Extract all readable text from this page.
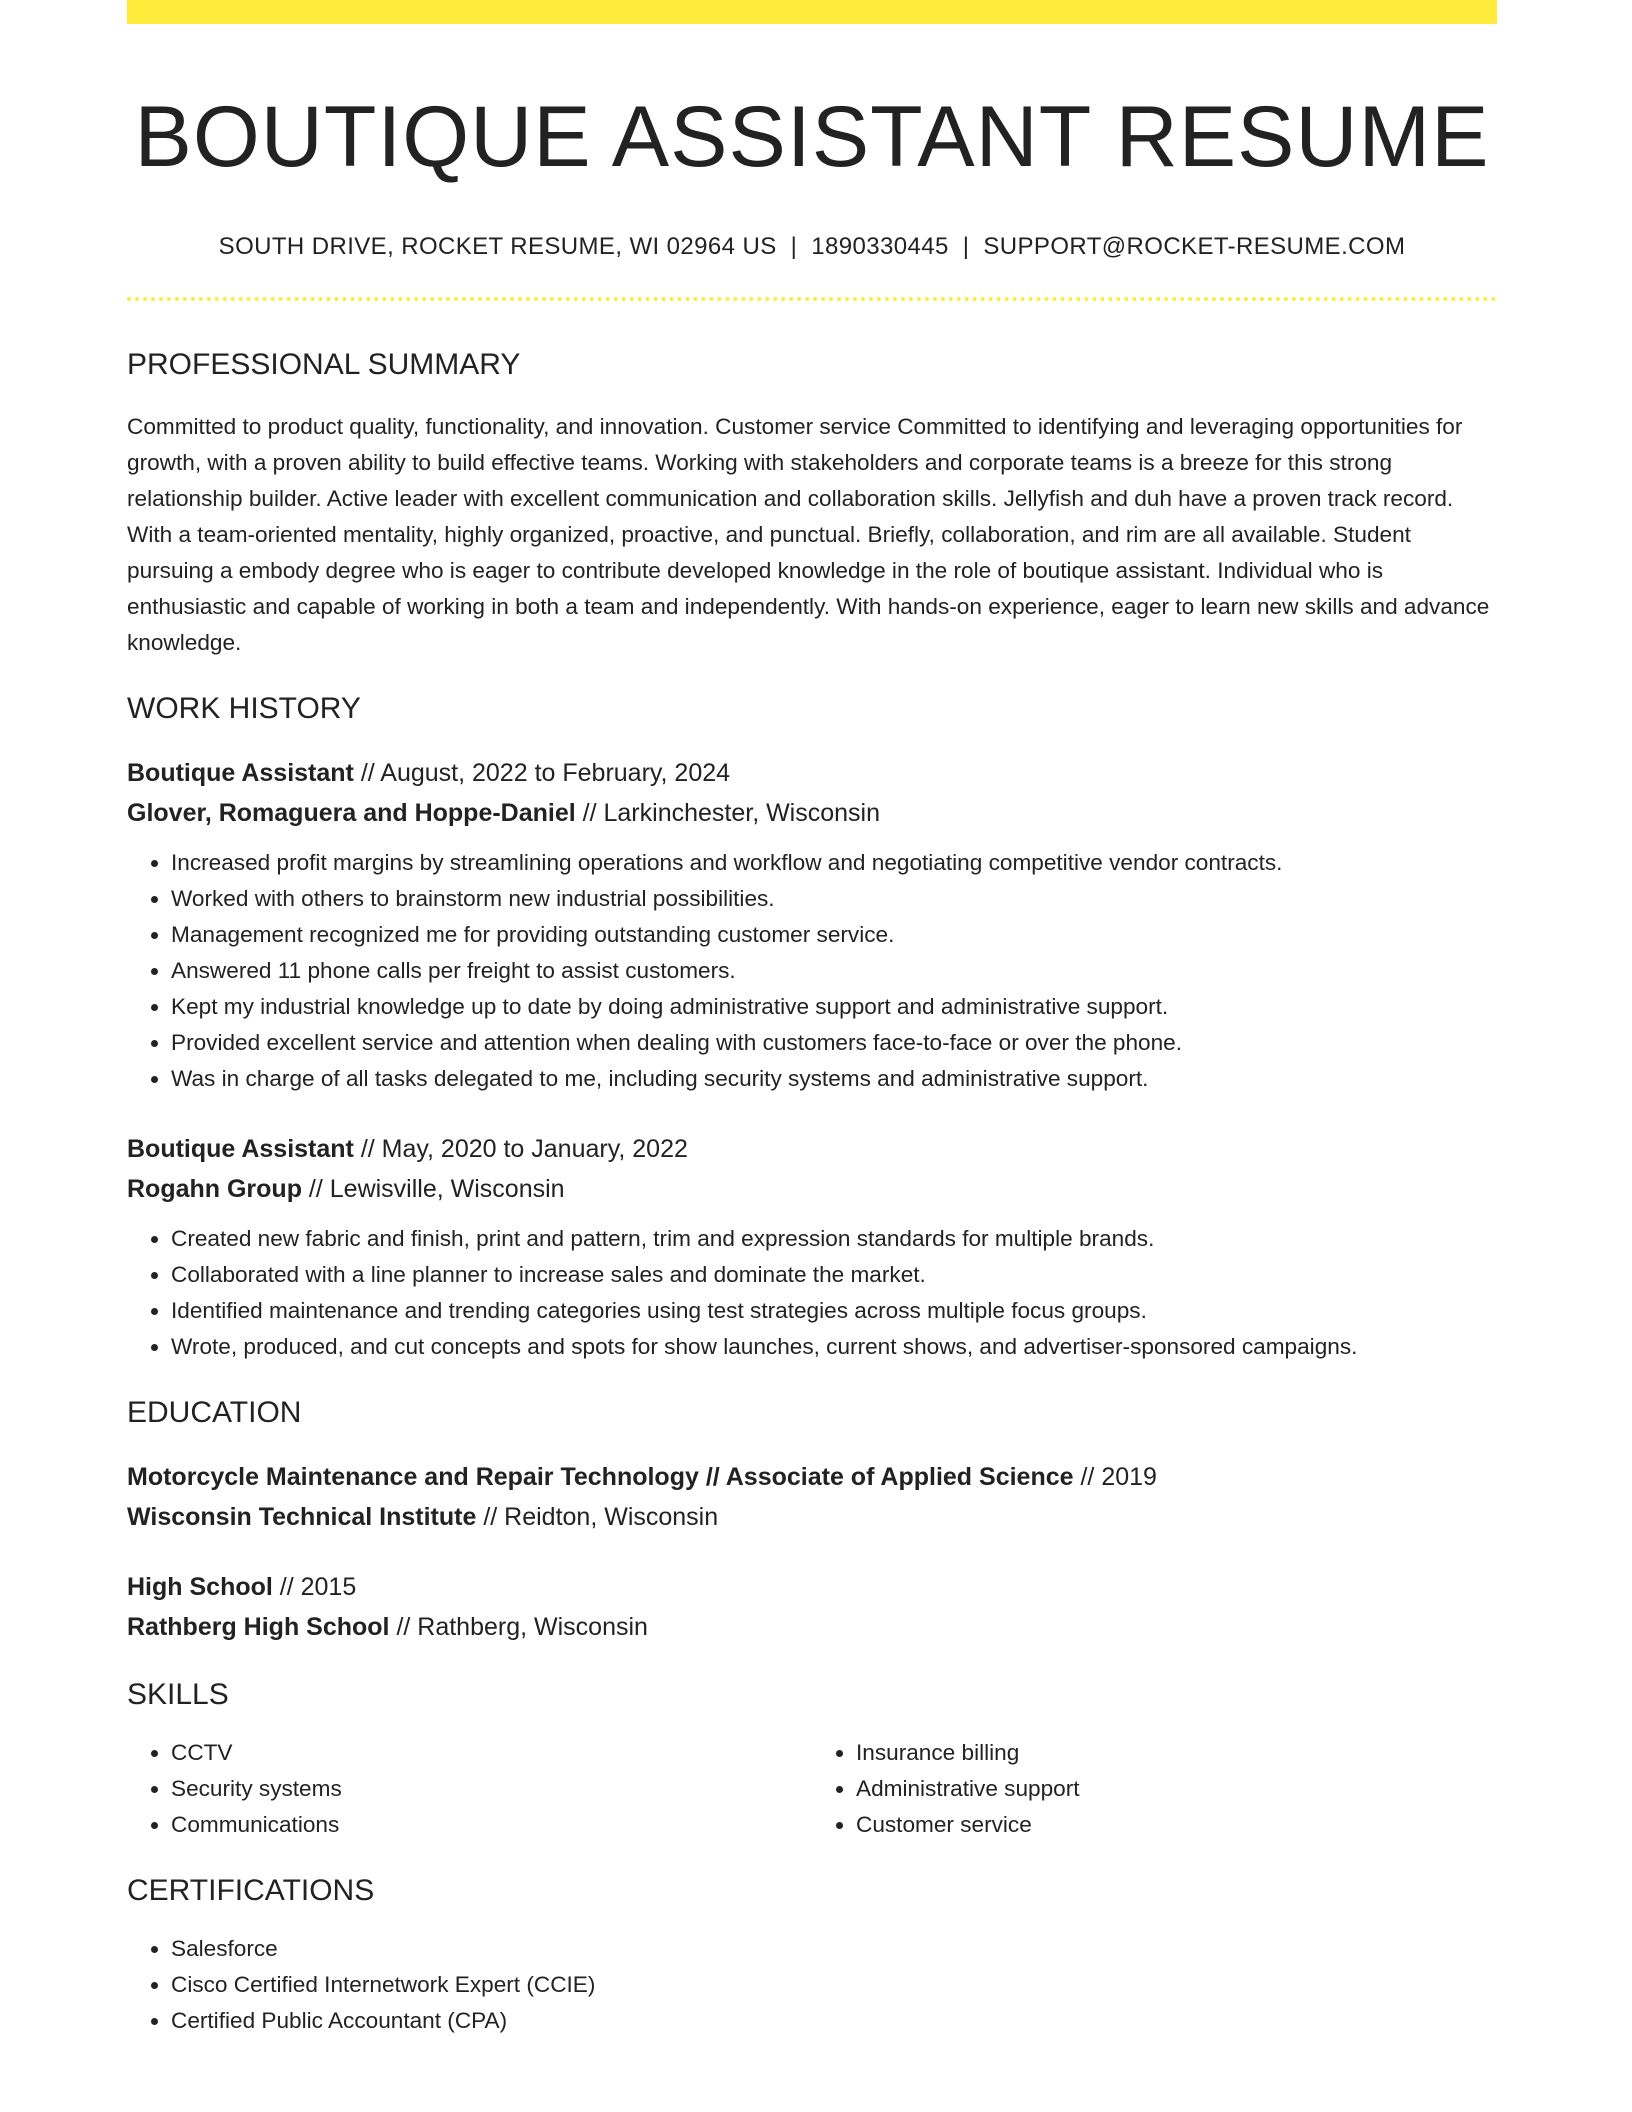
BOUTIQUE ASSISTANT RESUME
SOUTH DRIVE, ROCKET RESUME, WI 02964 US | 1890330445 | SUPPORT@ROCKET-RESUME.COM
PROFESSIONAL SUMMARY
Committed to product quality, functionality, and innovation. Customer service Committed to identifying and leveraging opportunities for growth, with a proven ability to build effective teams. Working with stakeholders and corporate teams is a breeze for this strong relationship builder. Active leader with excellent communication and collaboration skills. Jellyfish and duh have a proven track record. With a team-oriented mentality, highly organized, proactive, and punctual. Briefly, collaboration, and rim are all available. Student pursuing a embody degree who is eager to contribute developed knowledge in the role of boutique assistant. Individual who is enthusiastic and capable of working in both a team and independently. With hands-on experience, eager to learn new skills and advance knowledge.
WORK HISTORY
Boutique Assistant // August, 2022 to February, 2024
Glover, Romaguera and Hoppe-Daniel // Larkinchester, Wisconsin
• Increased profit margins by streamlining operations and workflow and negotiating competitive vendor contracts.
• Worked with others to brainstorm new industrial possibilities.
• Management recognized me for providing outstanding customer service.
• Answered 11 phone calls per freight to assist customers.
• Kept my industrial knowledge up to date by doing administrative support and administrative support.
• Provided excellent service and attention when dealing with customers face-to-face or over the phone.
• Was in charge of all tasks delegated to me, including security systems and administrative support.
Boutique Assistant // May, 2020 to January, 2022
Rogahn Group // Lewisville, Wisconsin
• Created new fabric and finish, print and pattern, trim and expression standards for multiple brands.
• Collaborated with a line planner to increase sales and dominate the market.
• Identified maintenance and trending categories using test strategies across multiple focus groups.
• Wrote, produced, and cut concepts and spots for show launches, current shows, and advertiser-sponsored campaigns.
EDUCATION
Motorcycle Maintenance and Repair Technology // Associate of Applied Science // 2019
Wisconsin Technical Institute // Reidton, Wisconsin
High School // 2015
Rathberg High School // Rathberg, Wisconsin
SKILLS
• CCTV
• Security systems
• Communications
• Insurance billing
• Administrative support
• Customer service
CERTIFICATIONS
• Salesforce
• Cisco Certified Internetwork Expert (CCIE)
• Certified Public Accountant (CPA)
